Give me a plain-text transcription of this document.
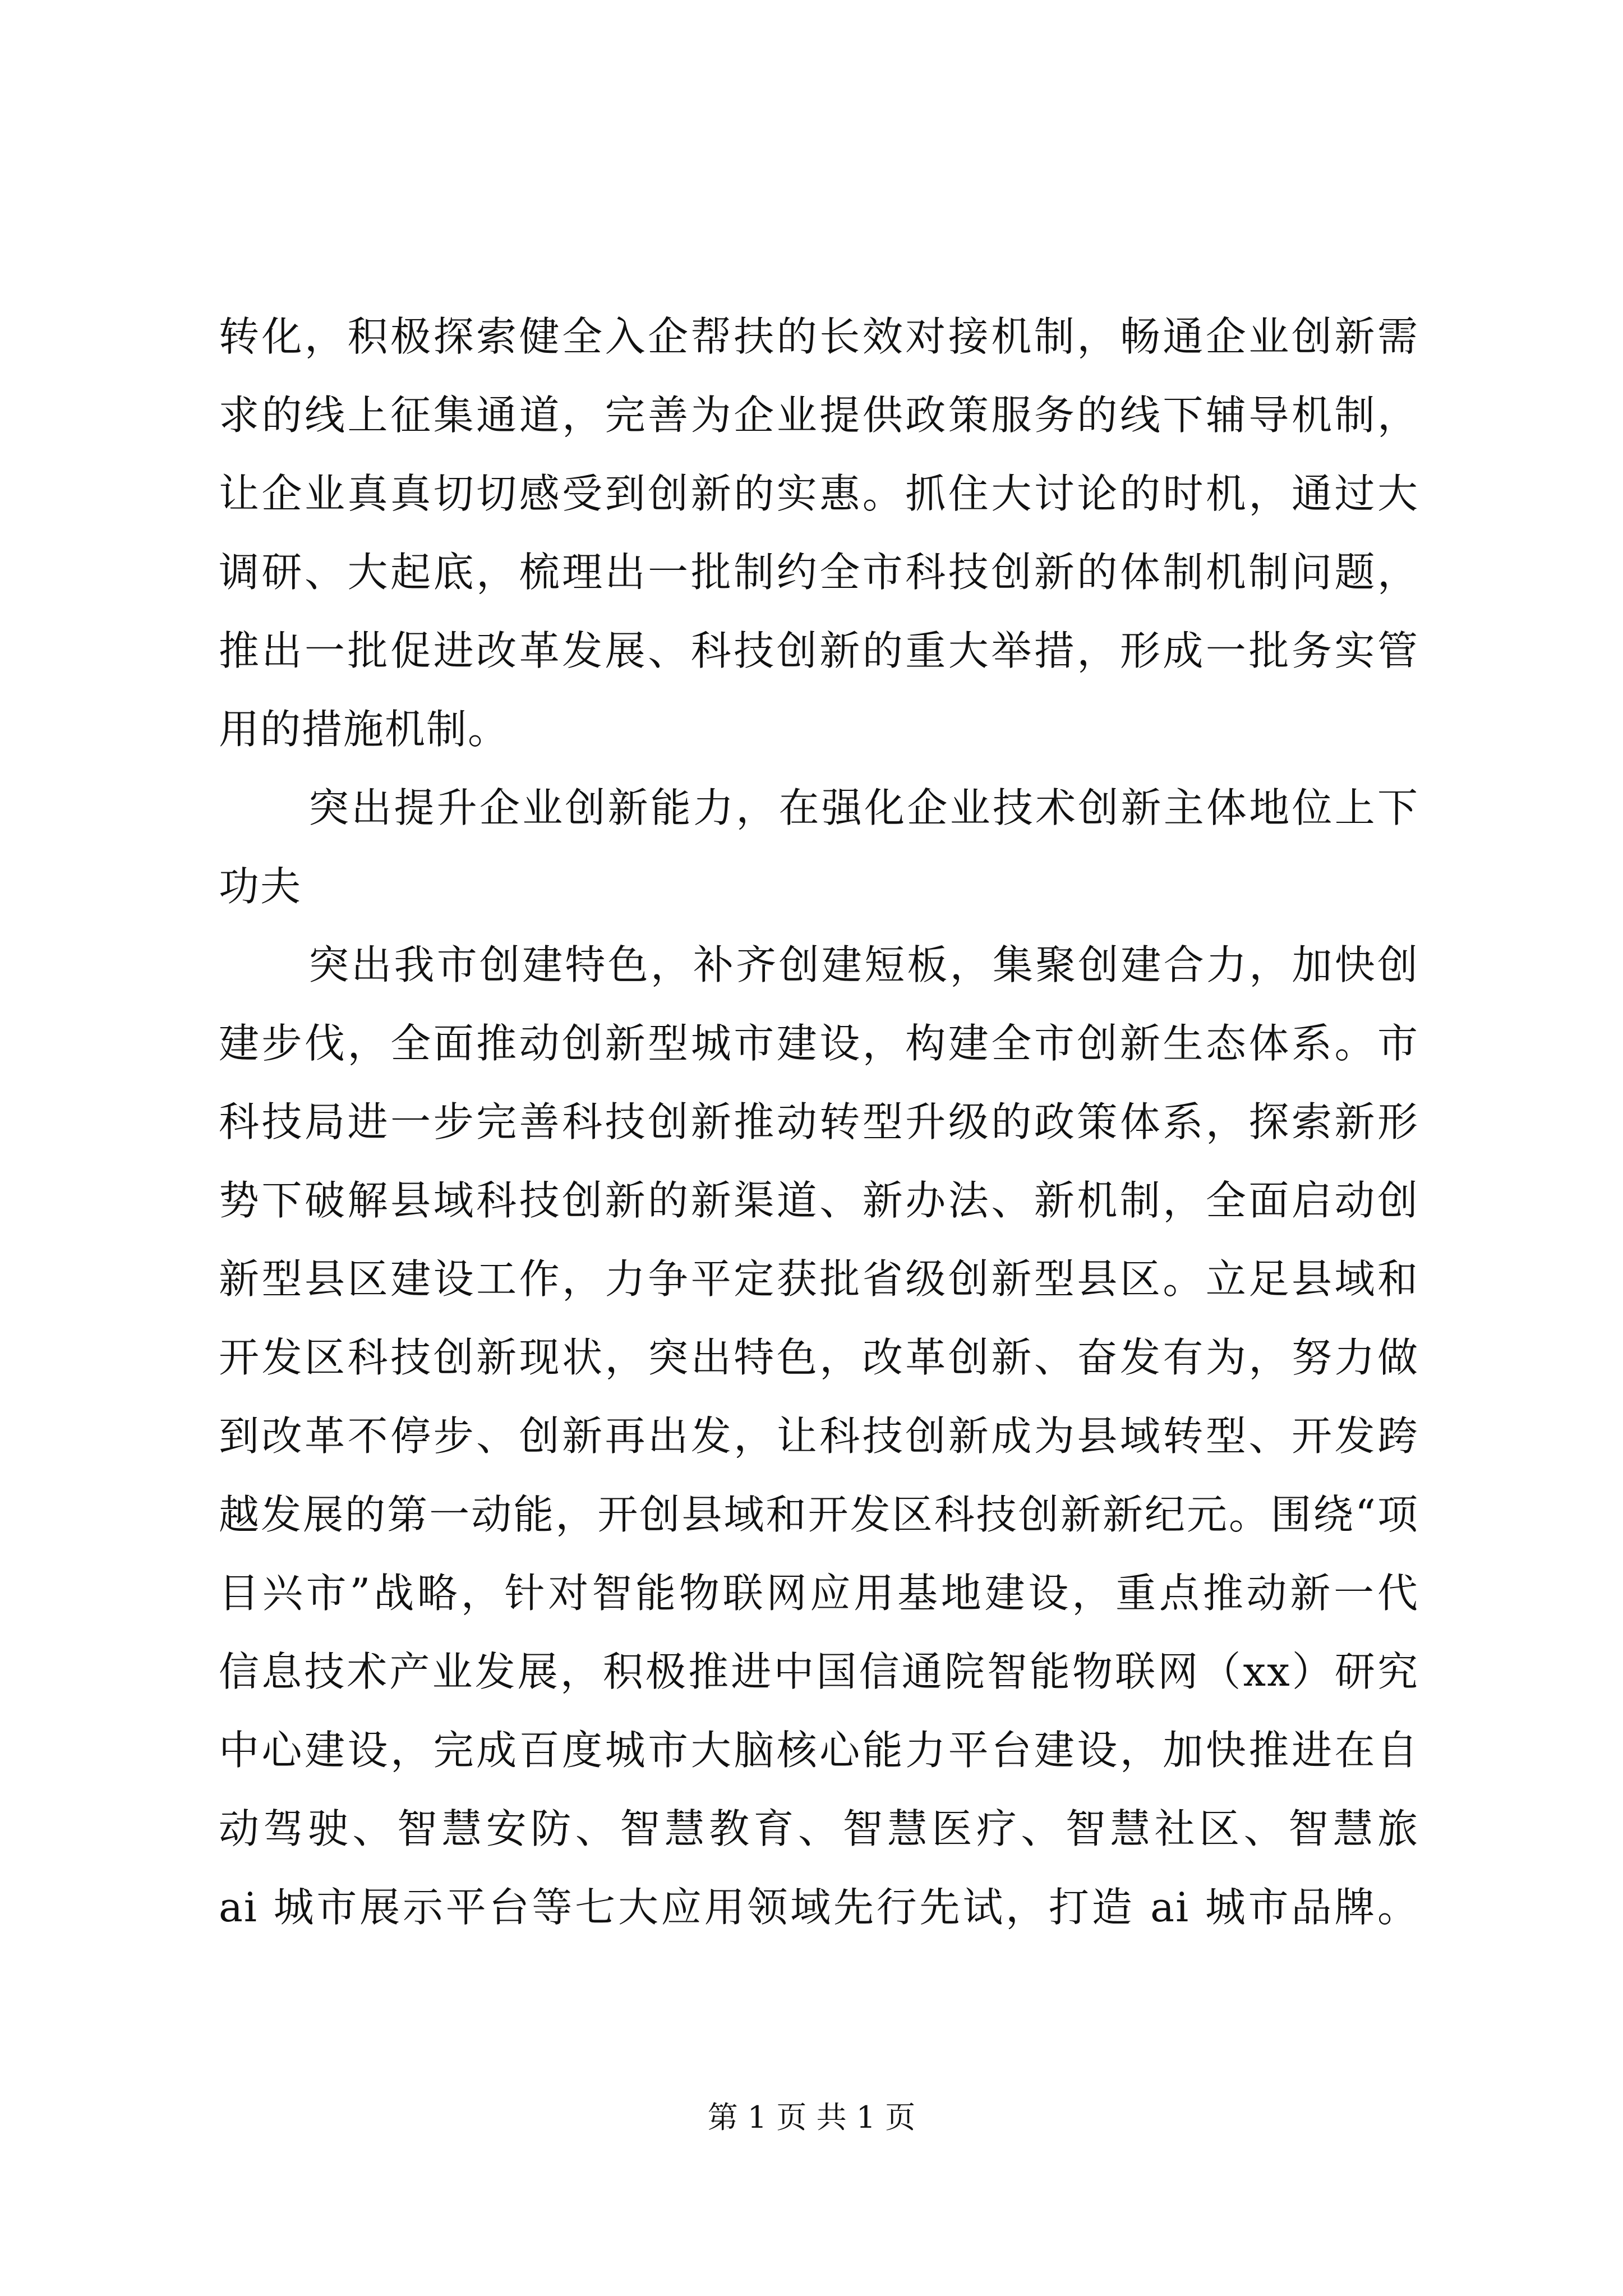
转化，积极探索健全入企帮扶的长效对接机制，畅通企业创新需
求的线上征集通道，完善为企业提供政策服务的线下辅导机制，
让企业真真切切感受到创新的实惠。抓住大讨论的时机，通过大
调研、大起底，梳理出一批制约全市科技创新的体制机制问题，
推出一批促进改革发展、科技创新的重大举措，形成一批务实管
用的措施机制。
突出提升企业创新能力，在强化企业技术创新主体地位上下
功夫
突出我市创建特色，补齐创建短板，集聚创建合力，加快创
建步伐，全面推动创新型城市建设，构建全市创新生态体系。市
科技局进一步完善科技创新推动转型升级的政策体系，探索新形
势下破解县域科技创新的新渠道、新办法、新机制，全面启动创
新型县区建设工作，力争平定获批省级创新型县区。立足县域和
开发区科技创新现状，突出特色，改革创新、奋发有为，努力做
到改革不停步、创新再出发，让科技创新成为县域转型、开发跨
越发展的第一动能，开创县域和开发区科技创新新纪元。围绕“项
目兴市”战略，针对智能物联网应用基地建设，重点推动新一代
信息技术产业发展，积极推进中国信通院智能物联网（xx）研究
中心建设，完成百度城市大脑核心能力平台建设，加快推进在自
动驾驶、智慧安防、智慧教育、智慧医疗、智慧社区、智慧旅
ai 城市展示平台等七大应用领域先行先试，打造 ai 城市品牌。
第 1 页 共 1 页
